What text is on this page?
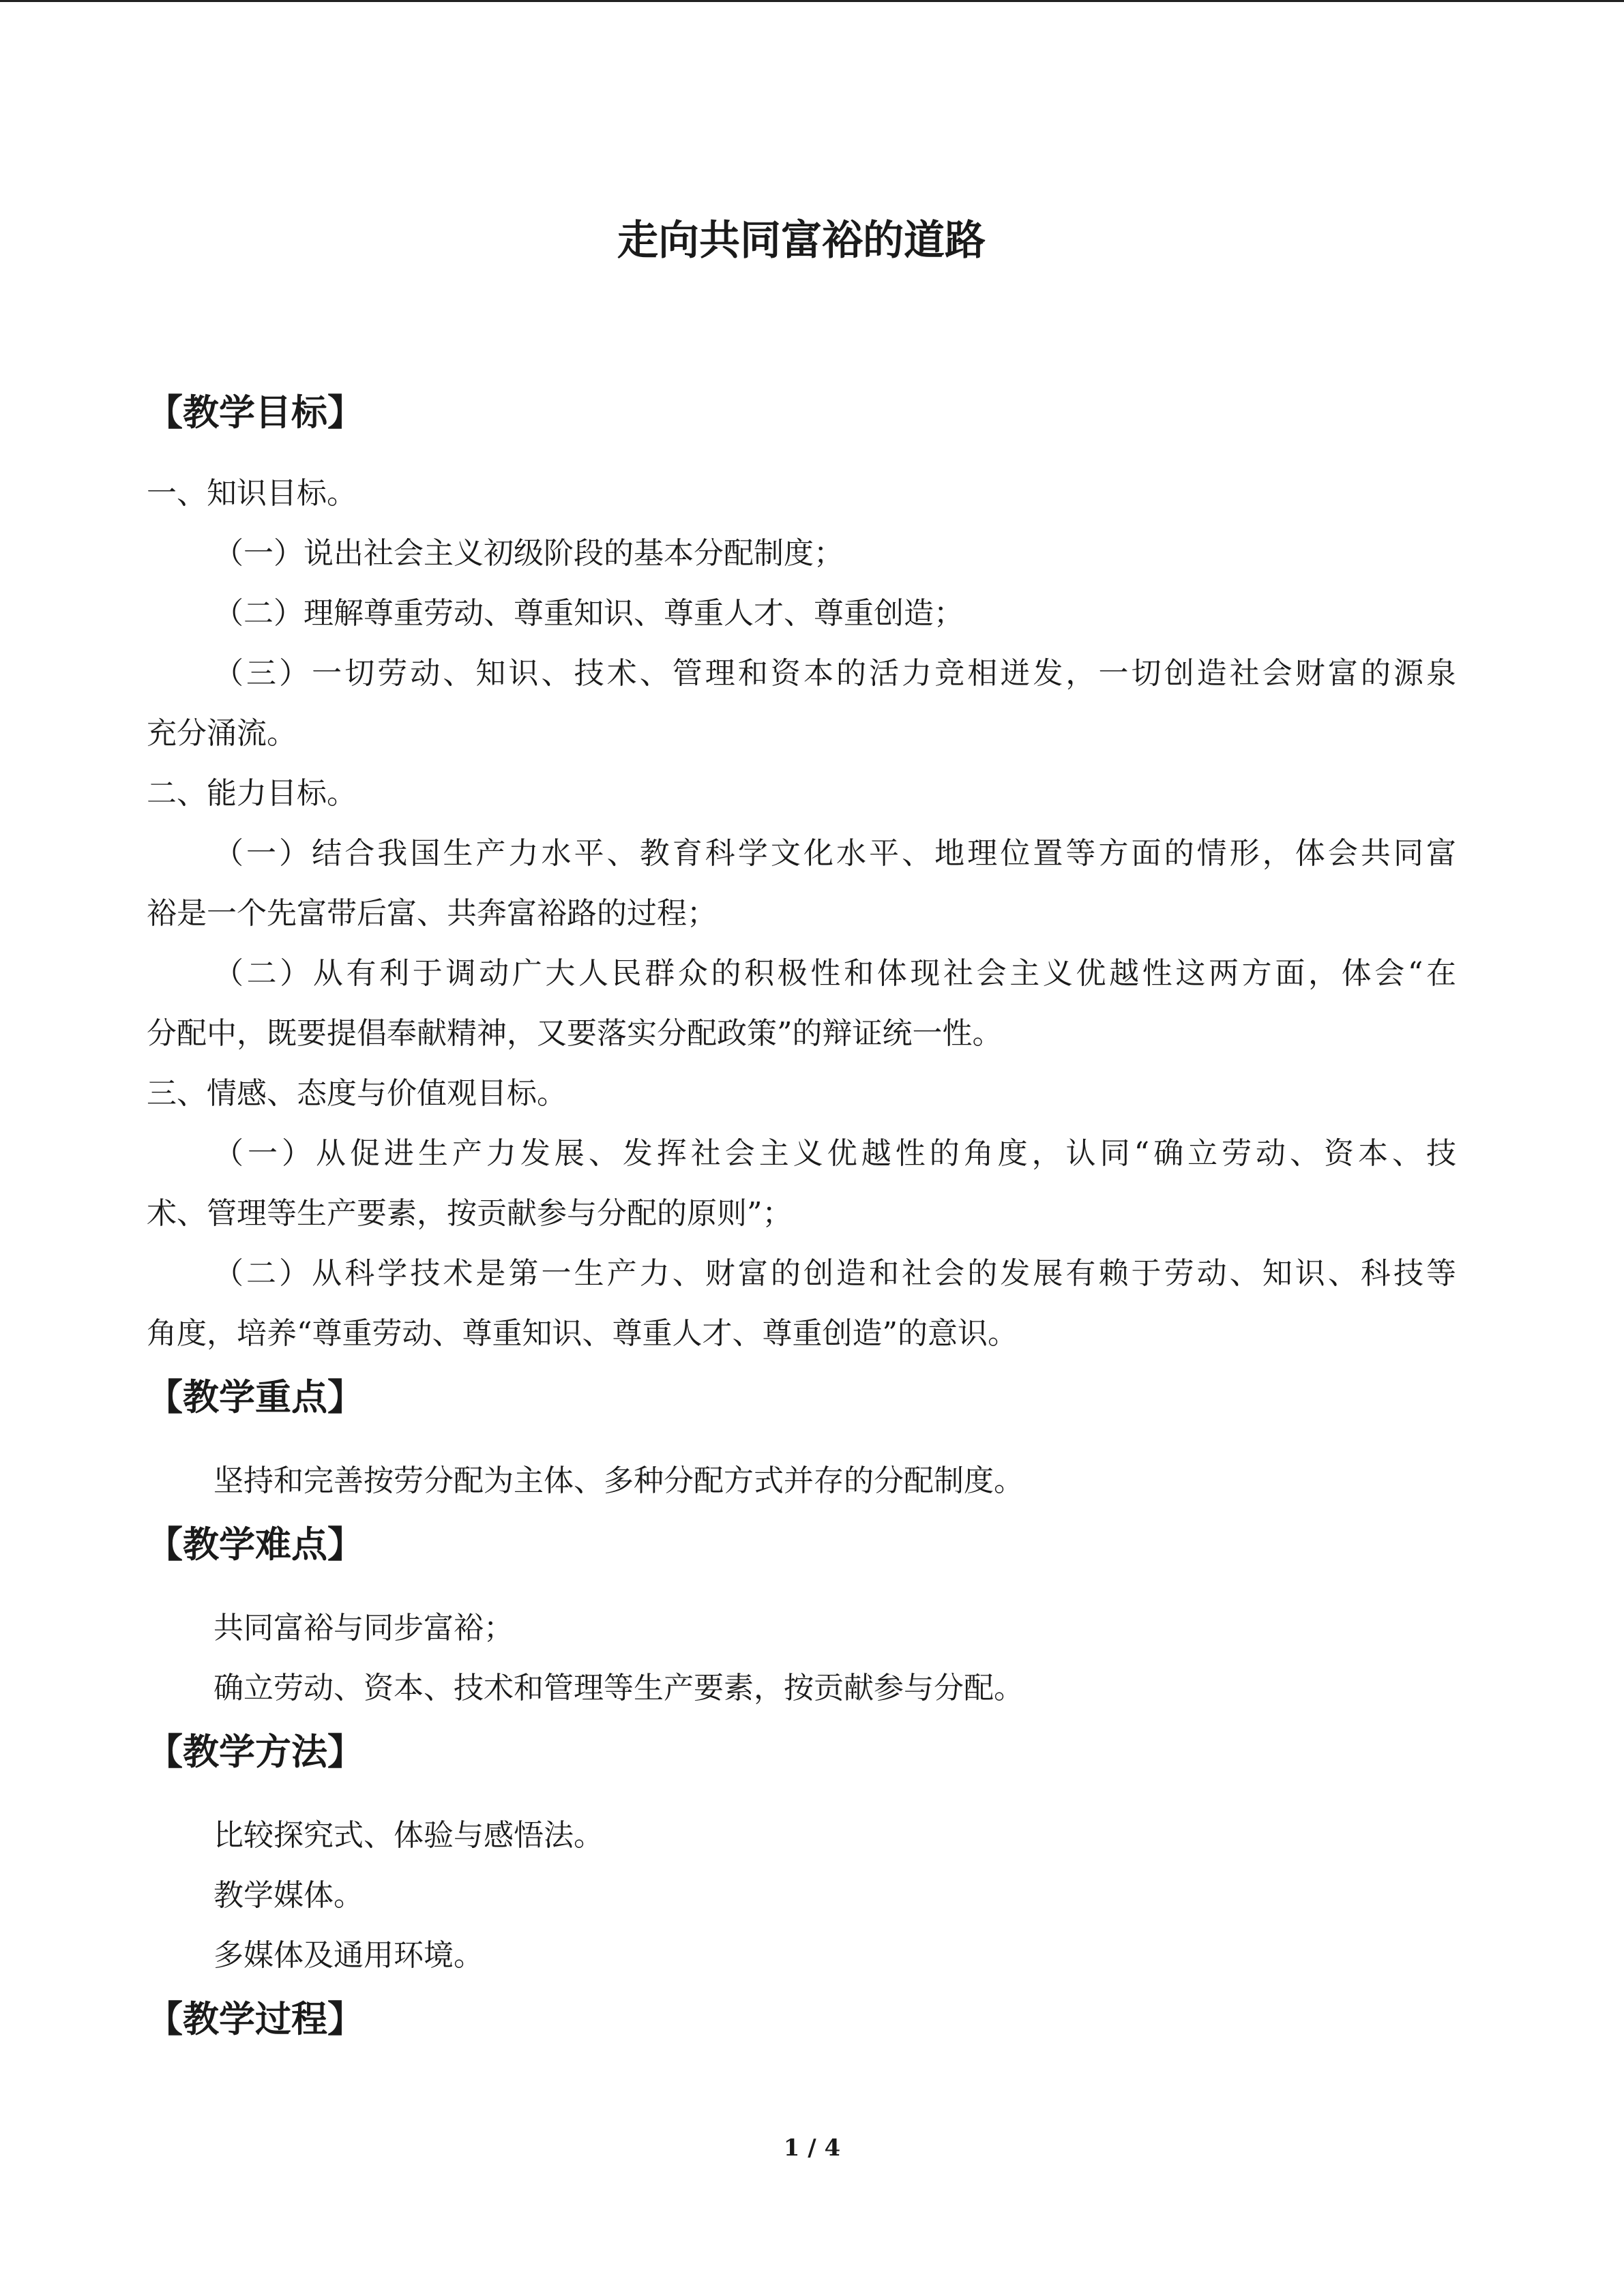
走向共同富裕的道路
【教学目标】
一、知识目标。
（一）说出社会主义初级阶段的基本分配制度；
（二）理解尊重劳动、尊重知识、尊重人才、尊重创造；
（三）一切劳动、知识、技术、管理和资本的活力竞相迸发，一切创造社会财富的源泉
充分涌流。
二、能力目标。
（一）结合我国生产力水平、教育科学文化水平、地理位置等方面的情形，体会共同富
裕是一个先富带后富、共奔富裕路的过程；
（二）从有利于调动广大人民群众的积极性和体现社会主义优越性这两方面，体会“在
分配中，既要提倡奉献精神，又要落实分配政策”的辩证统一性。
三、情感、态度与价值观目标。
（一）从促进生产力发展、发挥社会主义优越性的角度，认同“确立劳动、资本、技
术、管理等生产要素，按贡献参与分配的原则”；
（二）从科学技术是第一生产力、财富的创造和社会的发展有赖于劳动、知识、科技等
角度，培养“尊重劳动、尊重知识、尊重人才、尊重创造”的意识。
【教学重点】
坚持和完善按劳分配为主体、多种分配方式并存的分配制度。
【教学难点】
共同富裕与同步富裕；
确立劳动、资本、技术和管理等生产要素，按贡献参与分配。
【教学方法】
比较探究式、体验与感悟法。
教学媒体。
多媒体及通用环境。
【教学过程】
1 / 4
